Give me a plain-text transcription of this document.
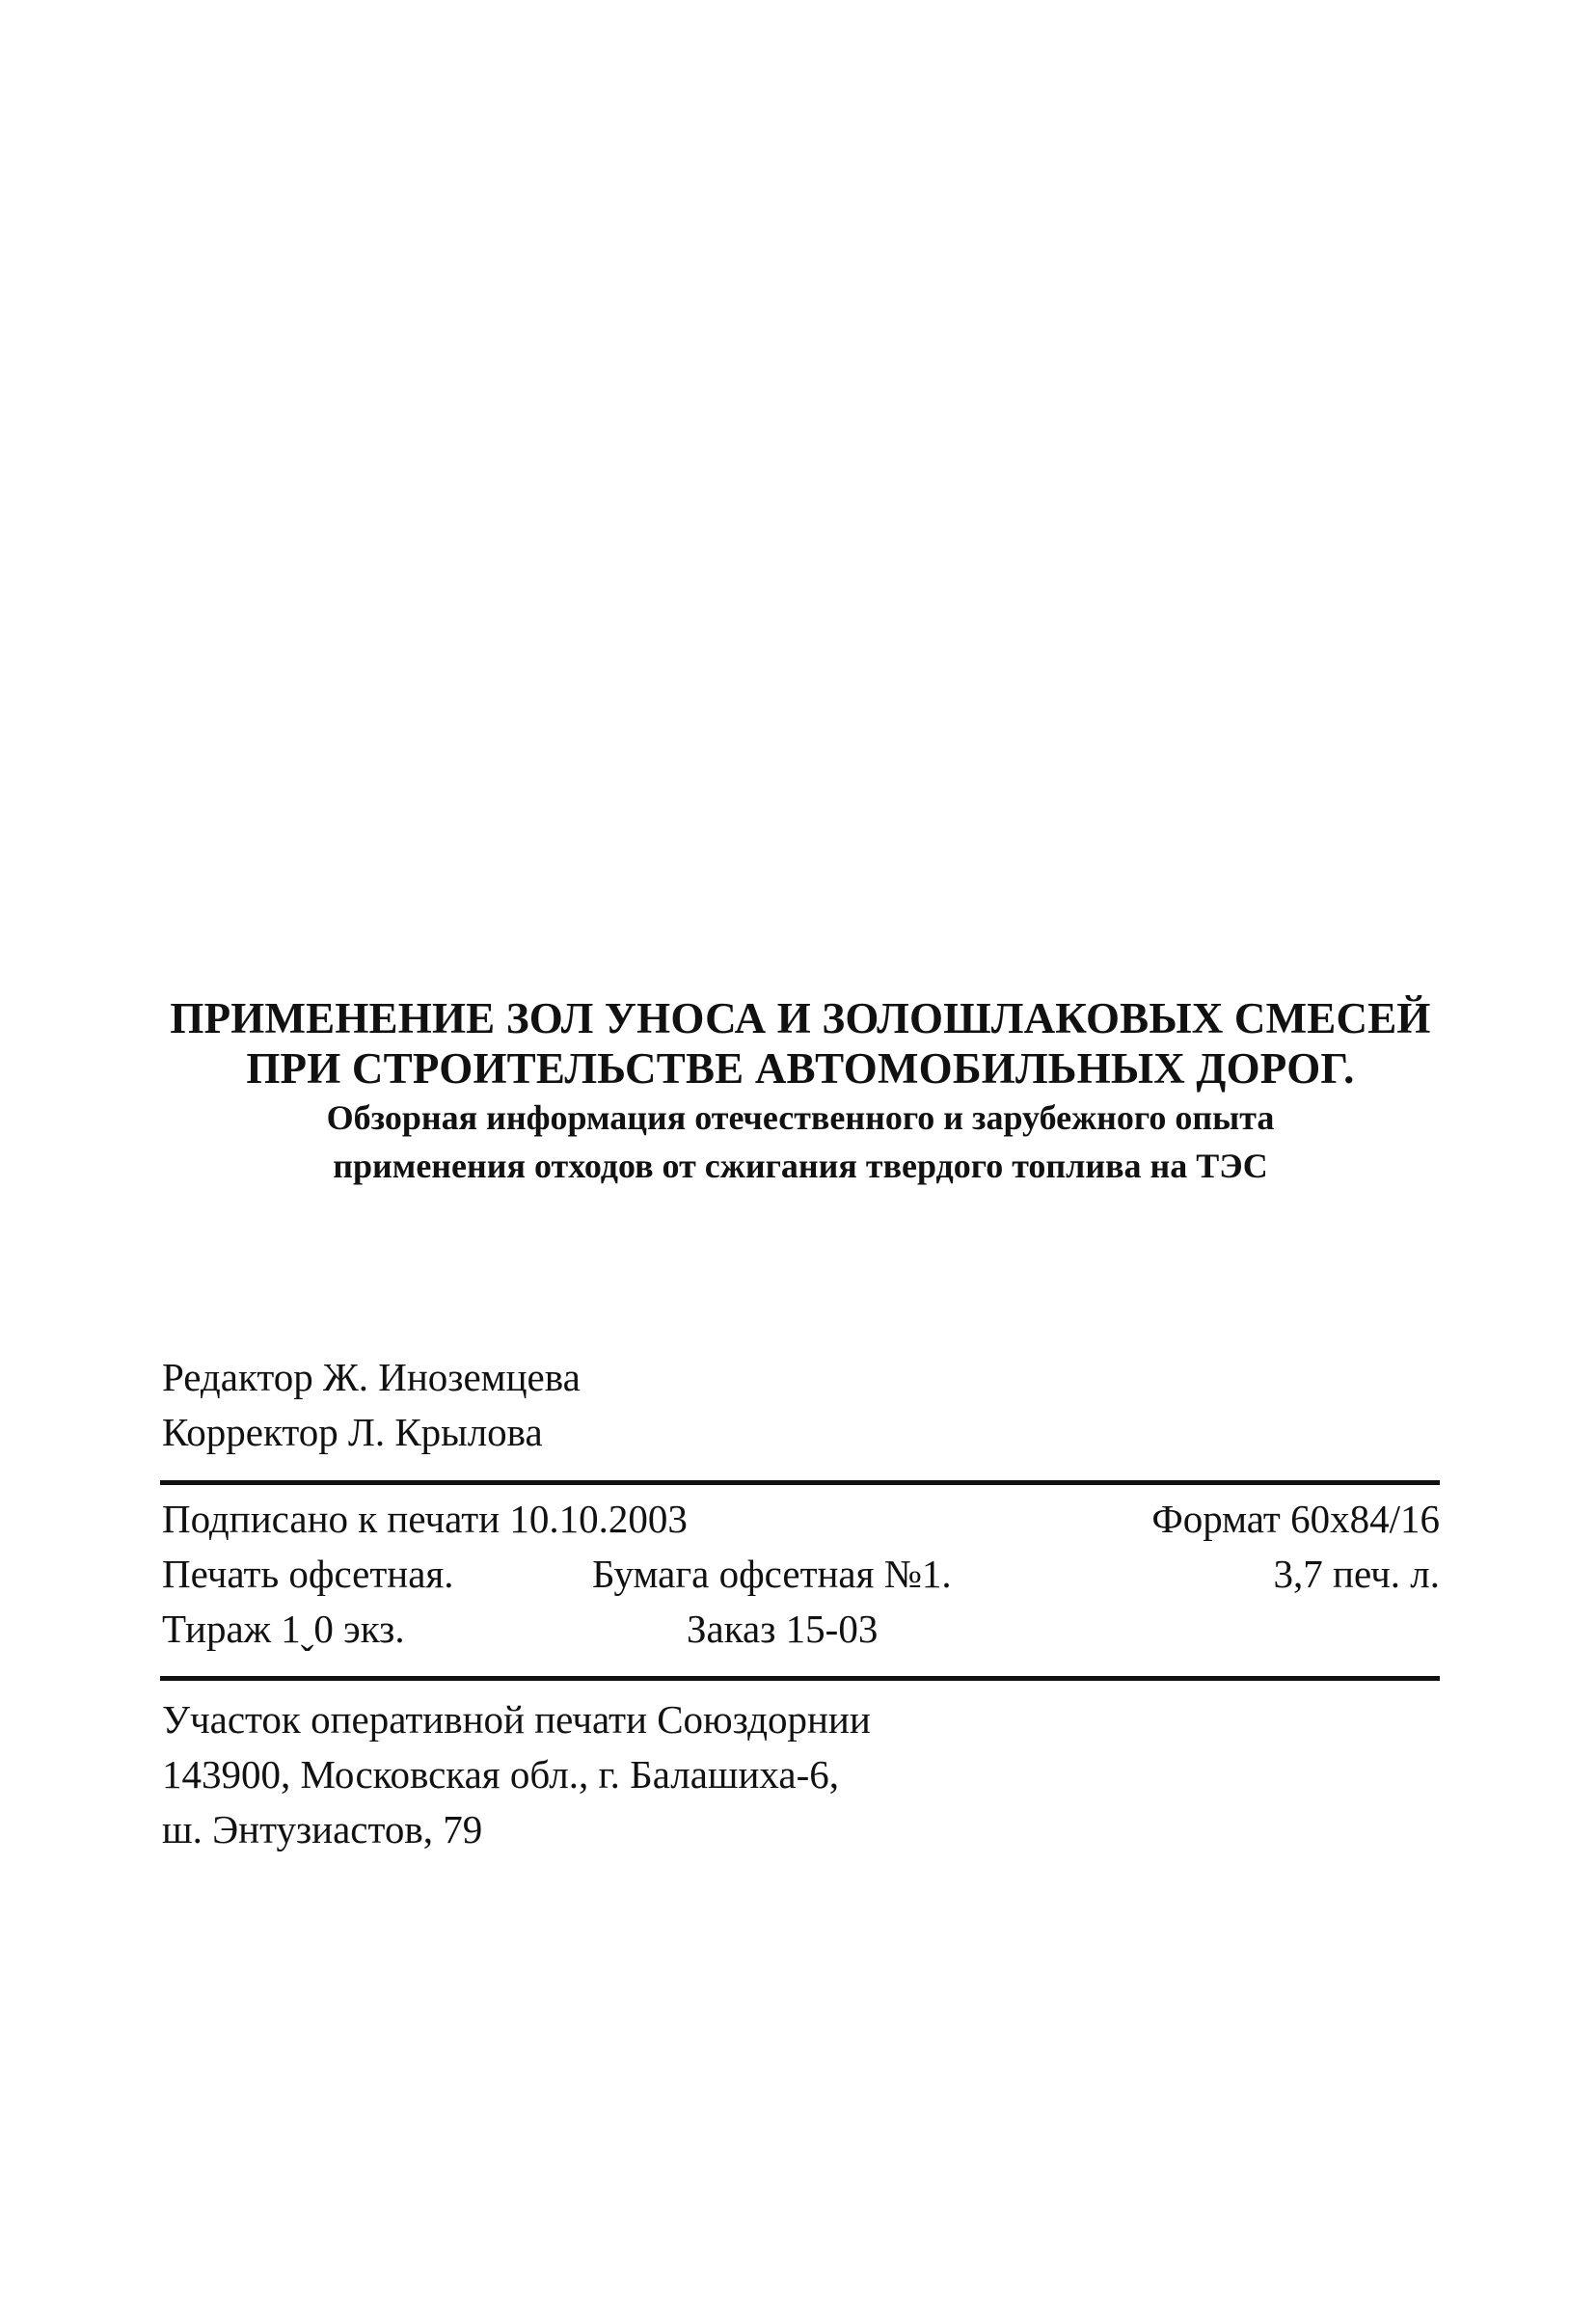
ПРИМЕНЕНИЕ ЗОЛ УНОСА И ЗОЛОШЛАКОВЫХ СМЕСЕЙ
ПРИ СТРОИТЕЛЬСТВЕ АВТОМОБИЛЬНЫХ ДОРОГ.
Обзорная информация отечественного и зарубежного опыта
применения отходов от сжигания твердого топлива на ТЭС
Редактор Ж. Иноземцева
Корректор Л. Крылова
Подписано к печати 10.10.2003	Формат 60x84/16
Печать офсетная.	Бумага офсетная №1.	3,7 печ. л.
Тираж 1ˬ0 экз.	Заказ 15-03
Участок оперативной печати Союздорнии
143900, Московская обл., г. Балашиха-6,
ш. Энтузиастов, 79
